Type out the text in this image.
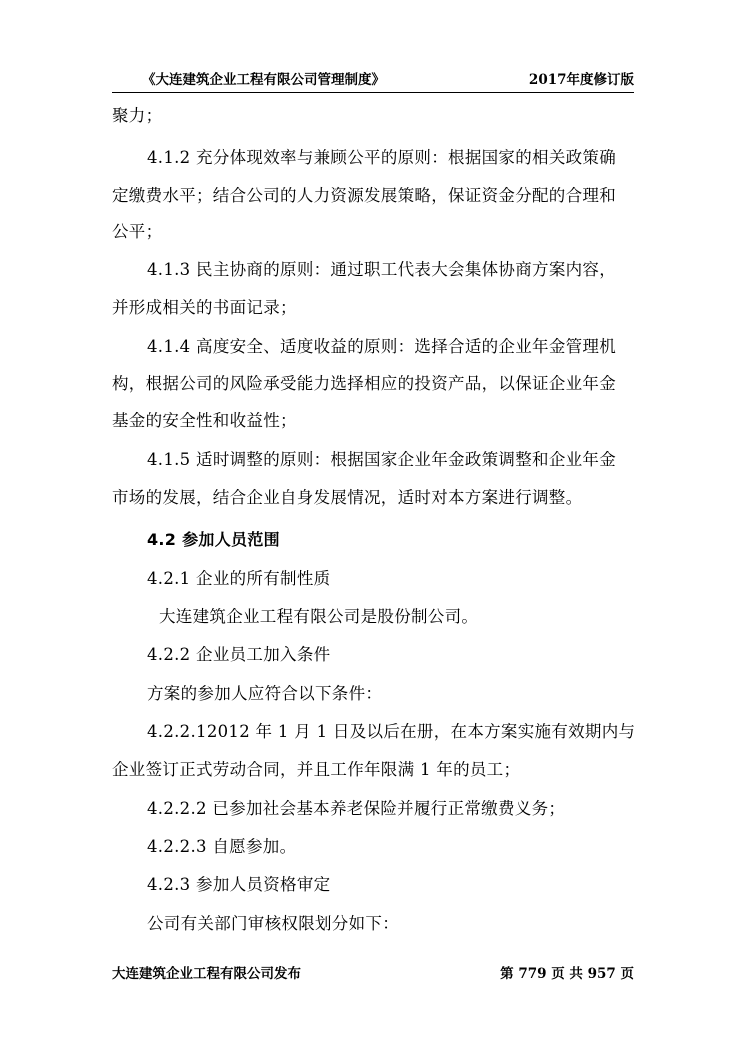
《大连建筑企业工程有限公司管理制度》	2017年度修订版
聚力；
4.1.2 充分体现效率与兼顾公平的原则：根据国家的相关政策确
定缴费水平；结合公司的人力资源发展策略，保证资金分配的合理和
公平；
4.1.3 民主协商的原则：通过职工代表大会集体协商方案内容，
并形成相关的书面记录；
4.1.4 高度安全、适度收益的原则：选择合适的企业年金管理机
构，根据公司的风险承受能力选择相应的投资产品，以保证企业年金
基金的安全性和收益性；
4.1.5 适时调整的原则：根据国家企业年金政策调整和企业年金
市场的发展，结合企业自身发展情况，适时对本方案进行调整。
4.2 参加人员范围
4.2.1 企业的所有制性质
大连建筑企业工程有限公司是股份制公司。
4.2.2 企业员工加入条件
方案的参加人应符合以下条件：
4.2.2.12012 年 1 月 1 日及以后在册，在本方案实施有效期内与
企业签订正式劳动合同，并且工作年限满 1 年的员工；
4.2.2.2 已参加社会基本养老保险并履行正常缴费义务；
4.2.2.3 自愿参加。
4.2.3 参加人员资格审定
公司有关部门审核权限划分如下：
大连建筑企业工程有限公司发布	第 779 页 共 957 页
